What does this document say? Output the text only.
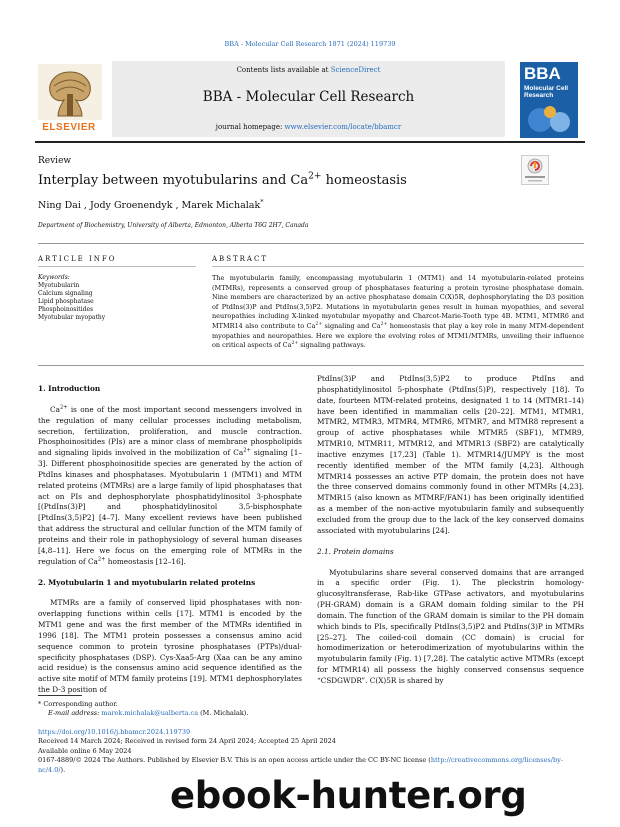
BBA - Molecular Cell Research 1871 (2024) 119739
ELSEVIER
Contents lists available at ScienceDirect
BBA - Molecular Cell Research
journal homepage: www.elsevier.com/locate/bbamcr
BBA
Molecular Cell Research
Review
Interplay between myotubularins and $Ca^{2+}$ homeostasis
Ning Dai , Jody Groenendyk , Marek Michalak*
Department of Biochemistry, University of Alberta, Edmonton, Alberta T6G 2H7, Canada
ARTICLE INFO	ABSTRACT
Keywords:
Myotubularin
Calcium signaling
Lipid phosphatase
Phosphoinositides
Myotubular myopathy
The myotubularin family, encompassing myotubularin 1 (MTM1) and 14 myotubularin-related proteins (MTMRs), represents a conserved group of phosphatases featuring a protein tyrosine phosphatase domain. Nine members are characterized by an active phosphatase domain C(X)5R, dephosphorylating the D3 position of PtdIns(3)P and PtdIns(3,5)P2. Mutations in myotubularin genes result in human myopathies, and several neuropathies including X-linked myotubular myopathy and Charcot-Marie-Tooth type 4B. MTM1, MTMR6 and MTMR14 also contribute to $Ca^{2+}$ signaling and $Ca^{2+}$ homeostasis that play a key role in many MTM-dependent myopathies and neuropathies. Here we explore the evolving roles of MTM1/MTMRs, unveiling their influence on critical aspects of $Ca^{2+}$ signaling pathways.
1. Introduction

$Ca^{2+}$ is one of the most important second messengers involved in the regulation of many cellular processes including metabolism, secretion, fertilization, proliferation, and muscle contraction. Phosphoinositides (PIs) are a minor class of membrane phospholipids and signaling lipids involved in the mobilization of $Ca^{2+}$ signaling [1–3]. Different phosphoinositide species are generated by the action of PtdIns kinases and phosphatases. Myotubularin 1 (MTM1) and MTM related proteins (MTMRs) are a large family of lipid phosphatases that act on PIs and dephosphorylate phosphatidylinositol 3-phosphate [(PtdIns(3)P] and phosphatidylinositol 3,5-bisphosphate [PtdIns(3,5)P2] [4–7]. Many excellent reviews have been published that address the structural and cellular function of the MTM family of proteins and their role in pathophysiology of several human diseases [4,8–11]. Here we focus on the emerging role of MTMRs in the regulation of $Ca^{2+}$ homeostasis [12–16].

2. Myotubularin 1 and myotubularin related proteins

MTMRs are a family of conserved lipid phosphatases with non-overlapping functions within cells [17]. MTM1 is encoded by the MTM1 gene and was the first member of the MTMRs identified in 1996 [18]. The MTM1 protein possesses a consensus amino acid sequence common to protein tyrosine phosphatases (PTPs)/dual-specificity phosphatases (DSP). Cys-Xaa5-Arg (Xaa can be any amino acid residue) is the consensus amino acid sequence identified as the active site motif of MTM family proteins [19]. MTM1 dephosphorylates the D-3 position of

PtdIns(3)P and PtdIns(3,5)P2 to produce PtdIns and phosphatidylinositol 5-phosphate (PtdIns(5)P), respectively [18]. To date, fourteen MTM-related proteins, designated 1 to 14 (MTMR1–14) have been identified in mammalian cells [20–22]. MTM1, MTMR1, MTMR2, MTMR3, MTMR4, MTMR6, MTMR7, and MTMR8 represent a group of active phosphatases while MTMR5 (SBF1), MTMR9, MTMR10, MTMR11, MTMR12, and MTMR13 (SBF2) are catalytically inactive enzymes [17,23] (Table 1). MTMR14/JUMPY is the most recently identified member of the MTM family [4,23]. Although MTMR14 possesses an active PTP domain, the protein does not have the three conserved domains commonly found in other MTMRs [4,23]. MTMR15 (also known as MTMRF/FAN1) has been originally identified as a member of the non-active myotubularin family and subsequently excluded from the group due to the lack of the key conserved domains associated with myotubularins [24].

2.1. Protein domains

Myotubularins share several conserved domains that are arranged in a specific order (Fig. 1). The pleckstrin homology-glucosyltransferase, Rab-like GTPase activators, and myotubularins (PH-GRAM) domain is a GRAM domain folding similar to the PH domain. The function of the GRAM domain is similar to the PH domain which binds to PIs, specifically PtdIns(3,5)P2 and PtdIns(3)P in MTMRs [25–27]. The coiled-coil domain (CC domain) is crucial for homodimerization or heterodimerization of myotubularins within the myotubularin family (Fig. 1) [7,28]. The catalytic active MTMRs (except for MTMR14) all possess the highly conserved consensus sequence “CSDGWDR”. C(X)5R is shared by

* Corresponding author.
E-mail address: marek.michalak@ualberta.ca (M. Michalak).
https://doi.org/10.1016/j.bbamcr.2024.119739
Received 14 March 2024; Received in revised form 24 April 2024; Accepted 25 April 2024
Available online 6 May 2024
0167-4889/© 2024 The Authors. Published by Elsevier B.V. This is an open access article under the CC BY-NC license (http://creativecommons.org/licenses/by-nc/4.0/).
ebook-hunter.org
